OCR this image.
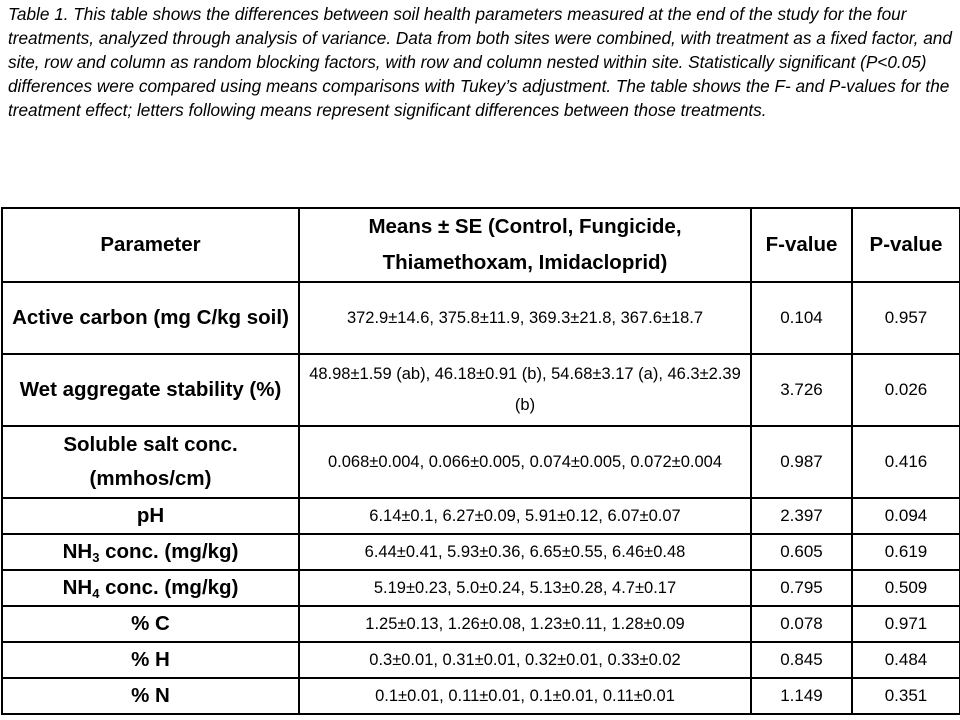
Table 1. This table shows the differences between soil health parameters measured at the end of the study for the four treatments, analyzed through analysis of variance. Data from both sites were combined, with treatment as a fixed factor, and site, row and column as random blocking factors, with row and column nested within site. Statistically significant (P<0.05) differences were compared using means comparisons with Tukey’s adjustment. The table shows the F- and P-values for the treatment effect; letters following means represent significant differences between those treatments.

Parameter	Means ± SE (Control, Fungicide, Thiamethoxam, Imidacloprid)	F-value	P-value
Active carbon (mg C/kg soil)	372.9±14.6, 375.8±11.9, 369.3±21.8, 367.6±18.7	0.104	0.957
Wet aggregate stability (%)	48.98±1.59 (ab), 46.18±0.91 (b), 54.68±3.17 (a), 46.3±2.39 (b)	3.726	0.026
Soluble salt conc. (mmhos/cm)	0.068±0.004, 0.066±0.005, 0.074±0.005, 0.072±0.004	0.987	0.416
pH	6.14±0.1, 6.27±0.09, 5.91±0.12, 6.07±0.07	2.397	0.094
$NH_3$ conc. (mg/kg)	6.44±0.41, 5.93±0.36, 6.65±0.55, 6.46±0.48	0.605	0.619
$NH_4$ conc. (mg/kg)	5.19±0.23, 5.0±0.24, 5.13±0.28, 4.7±0.17	0.795	0.509
% C	1.25±0.13, 1.26±0.08, 1.23±0.11, 1.28±0.09	0.078	0.971
% H	0.3±0.01, 0.31±0.01, 0.32±0.01, 0.33±0.02	0.845	0.484
% N	0.1±0.01, 0.11±0.01, 0.1±0.01, 0.11±0.01	1.149	0.351
